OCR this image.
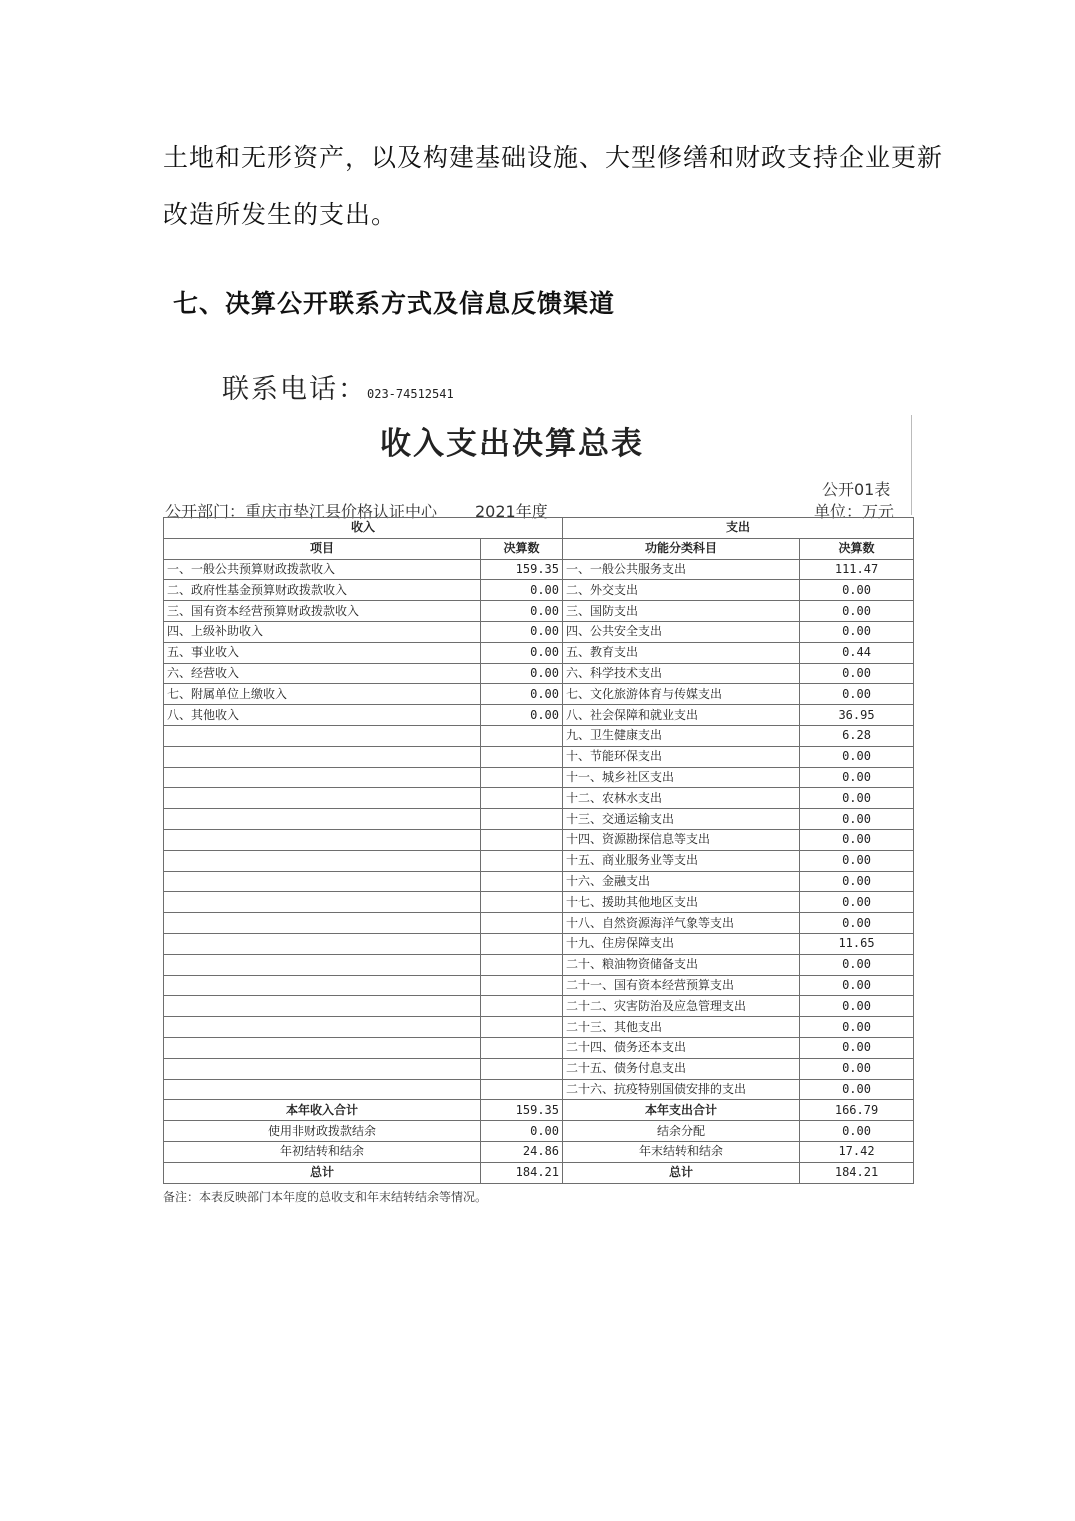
土地和无形资产，以及构建基础设施、大型修缮和财政支持企业更新
改造所发生的支出。
七、决算公开联系方式及信息反馈渠道
联系电话：023-74512541
收入支出决算总表
公开01表
公开部门：重庆市垫江县价格认证中心 2021年度	单位：万元
收入		支出	
项目	决算数	功能分类科目	决算数
一、一般公共预算财政拨款收入	159.35	一、一般公共服务支出	111.47
二、政府性基金预算财政拨款收入	0.00	二、外交支出	0.00
三、国有资本经营预算财政拨款收入	0.00	三、国防支出	0.00
四、上级补助收入	0.00	四、公共安全支出	0.00
五、事业收入	0.00	五、教育支出	0.44
六、经营收入	0.00	六、科学技术支出	0.00
七、附属单位上缴收入	0.00	七、文化旅游体育与传媒支出	0.00
八、其他收入	0.00	八、社会保障和就业支出	36.95
		九、卫生健康支出	6.28
		十、节能环保支出	0.00
		十一、城乡社区支出	0.00
		十二、农林水支出	0.00
		十三、交通运输支出	0.00
		十四、资源勘探信息等支出	0.00
		十五、商业服务业等支出	0.00
		十六、金融支出	0.00
		十七、援助其他地区支出	0.00
		十八、自然资源海洋气象等支出	0.00
		十九、住房保障支出	11.65
		二十、粮油物资储备支出	0.00
		二十一、国有资本经营预算支出	0.00
		二十二、灾害防治及应急管理支出	0.00
		二十三、其他支出	0.00
		二十四、债务还本支出	0.00
		二十五、债务付息支出	0.00
		二十六、抗疫特别国债安排的支出	0.00
本年收入合计	159.35	本年支出合计	166.79
使用非财政拨款结余	0.00	结余分配	0.00
年初结转和结余	24.86	年末结转和结余	17.42
总计	184.21	总计	184.21
备注：本表反映部门本年度的总收支和年末结转结余等情况。
